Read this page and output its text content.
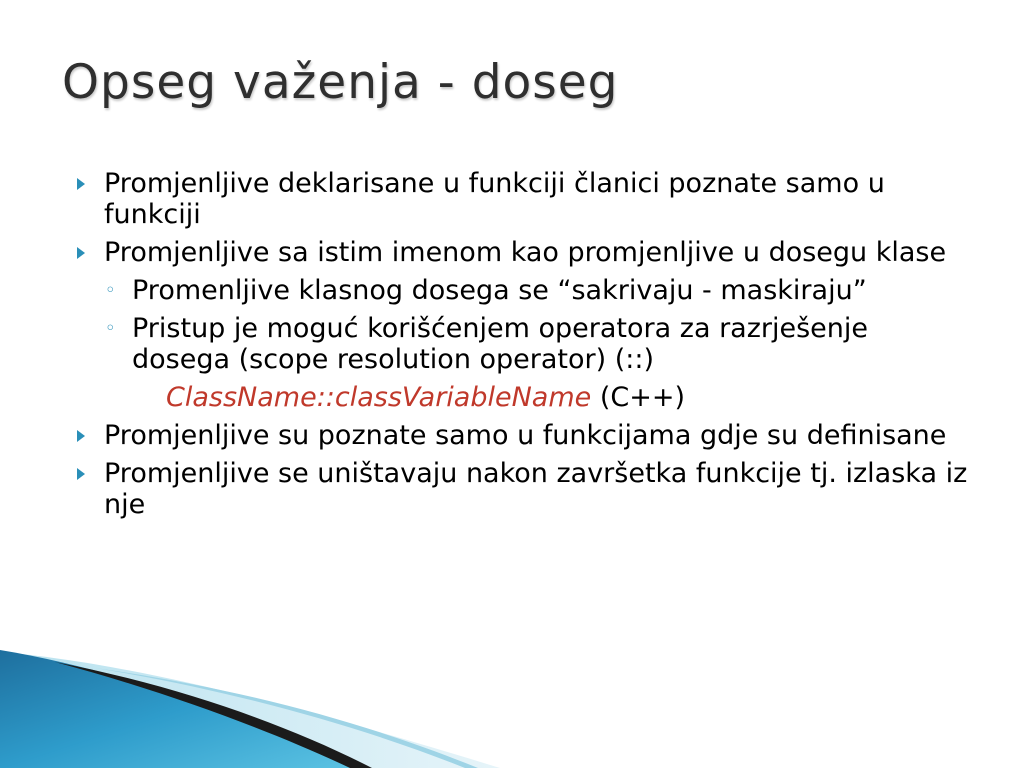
Opseg važenja - doseg
Promjenljive deklarisane u funkciji članici poznate samo u funkciji
Promjenljive sa istim imenom kao promjenljive u dosegu klase
◦ Promenljive klasnog dosega se “sakrivaju - maskiraju”
◦ Pristup je moguć korišćenjem operatora za razrješenje dosega (scope resolution operator) (::)
ClassName::classVariableName (C++)
Promjenljive su poznate samo u funkcijama gdje su definisane
Promjenljive se uništavaju nakon završetka funkcije tj. izlaska iz nje
